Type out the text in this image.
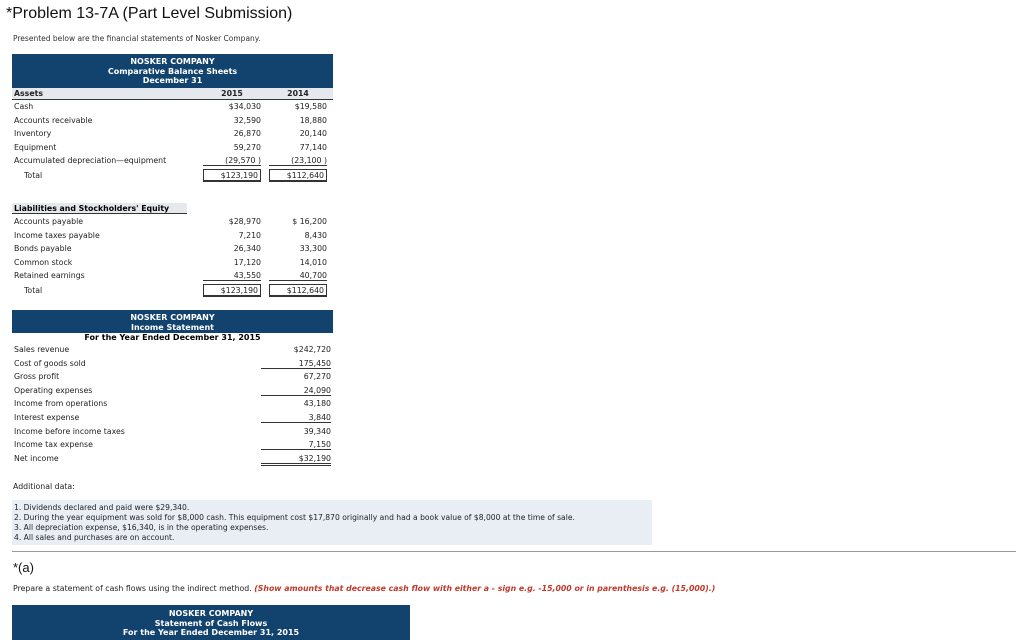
*Problem 13-7A (Part Level Submission)
Presented below are the financial statements of Nosker Company.
NOSKER COMPANY
Comparative Balance Sheets
December 31
Assets	2015	2014
Cash	$34,030	$19,580
Accounts receivable	32,590	18,880
Inventory	26,870	20,140
Equipment	59,270	77,140
Accumulated depreciation—equipment	(29,570 )	(23,100 )
Total	$123,190	$112,640
Liabilities and Stockholders' Equity
Accounts payable	$28,970	$ 16,200
Income taxes payable	7,210	8,430
Bonds payable	26,340	33,300
Common stock	17,120	14,010
Retained earnings	43,550	40,700
Total	$123,190	$112,640
NOSKER COMPANY
Income Statement
For the Year Ended December 31, 2015
Sales revenue	$242,720
Cost of goods sold	175,450
Gross profit	67,270
Operating expenses	24,090
Income from operations	43,180
Interest expense	3,840
Income before income taxes	39,340
Income tax expense	7,150
Net income	$32,190
Additional data:
1. Dividends declared and paid were $29,340.
2. During the year equipment was sold for $8,000 cash. This equipment cost $17,870 originally and had a book value of $8,000 at the time of sale.
3. All depreciation expense, $16,340, is in the operating expenses.
4. All sales and purchases are on account.
*(a)
Prepare a statement of cash flows using the indirect method. (Show amounts that decrease cash flow with either a - sign e.g. -15,000 or in parenthesis e.g. (15,000).)
NOSKER COMPANY
Statement of Cash Flows
For the Year Ended December 31, 2015
